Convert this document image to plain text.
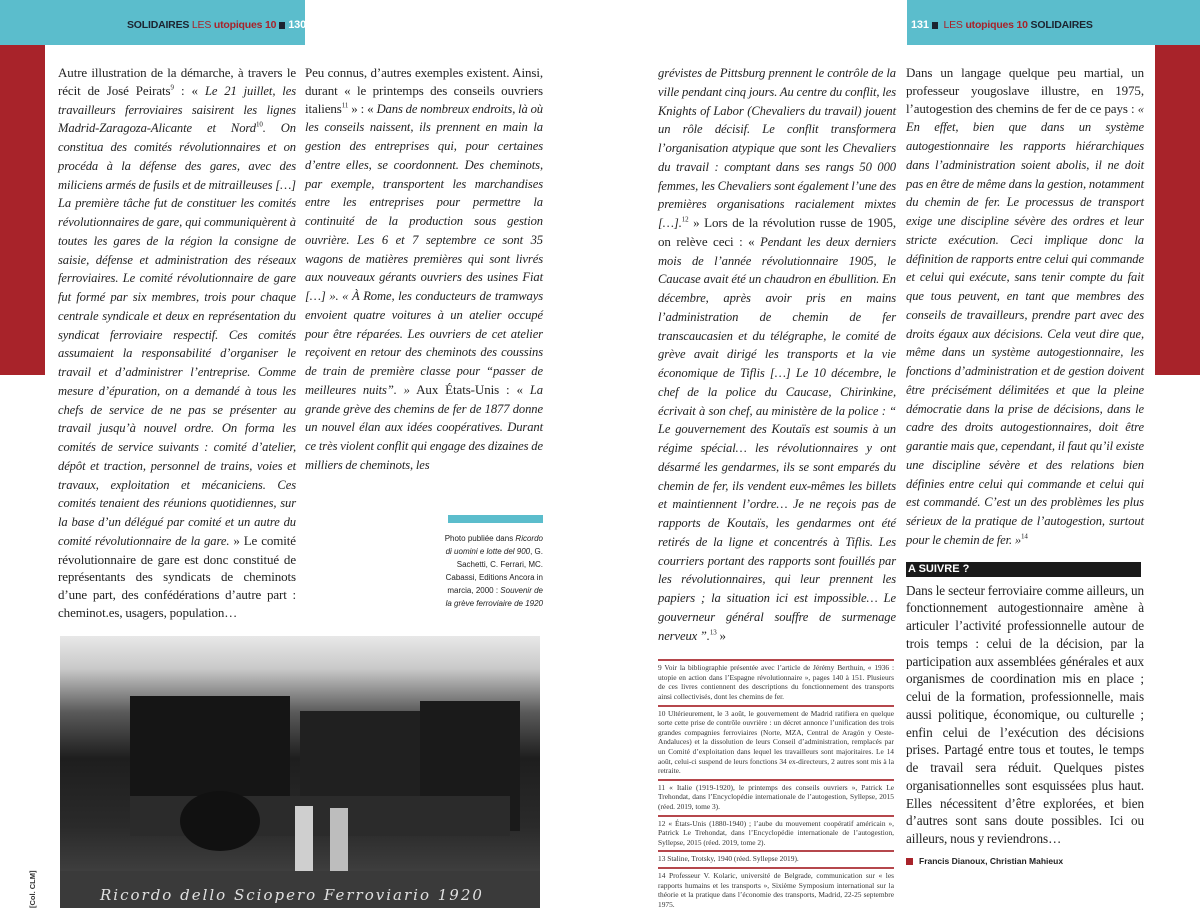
SOLIDAIRES LES utopiques 10 130	131 LES utopiques 10 SOLIDAIRES
Autre illustration de la démarche, à travers le récit de José Peirats$^9$ : « Le 21 juillet, les travailleurs ferroviaires saisirent les lignes Madrid-Zaragoza-Alicante et Nord$^{10}$. On constitua des comités révolutionnaires et on procéda à la défense des gares, avec des miliciens armés de fusils et de mitrailleuses […] La première tâche fut de constituer les comités révolutionnaires de gare, qui communiquèrent à toutes les gares de la région la consigne de saisie, défense et administration des réseaux ferroviaires. Le comité révolutionnaire de gare fut formé par six membres, trois pour chaque centrale syndicale et deux en représentation du syndicat ferroviaire respectif. Ces comités assumaient la responsabilité d’organiser le travail et d’administrer l’entreprise. Comme mesure d’épuration, on a demandé à tous les chefs de service de ne pas se présenter au travail jusqu’à nouvel ordre. On forma les comités de service suivants : comité d’atelier, dépôt et traction, personnel de trains, voies et travaux, exploitation et mécaniciens. Ces comités tenaient des réunions quotidiennes, sur la base d’un délégué par comité et un autre du comité révolutionnaire de la gare. » Le comité révolutionnaire de gare est donc constitué de représentants des syndicats de cheminots d’une part, des confédérations d’autre part : cheminot.es, usagers, population…
Peu connus, d’autres exemples existent. Ainsi, durant « le printemps des conseils ouvriers italiens$^{11}$ » : « Dans de nombreux endroits, là où les conseils naissent, ils prennent en main la gestion des entreprises qui, pour certaines d’entre elles, se coordonnent. Des cheminots, par exemple, transportent les marchandises entre les entreprises pour permettre la continuité de la production sous gestion ouvrière. Les 6 et 7 septembre ce sont 35 wagons de matières premières qui sont livrés aux nouveaux gérants ouvriers des usines Fiat […] ». « À Rome, les conducteurs de tramways envoient quatre voitures à un atelier occupé pour être réparées. Les ouvriers de cet atelier reçoivent en retour des cheminots des coussins de train de première classe pour “passer de meilleures nuits”. » Aux États-Unis : « La grande grève des chemins de fer de 1877 donne un nouvel élan aux idées coopératives. Durant ce très violent conflit qui engage des dizaines de milliers de cheminots, les
Photo publiée dans Ricordo di uomini e lotte del 900, G. Sachetti, C. Ferrari, MC. Cabassi, Editions Ancora in marcia, 2000 : Souvenir de la grève ferroviaire de 1920
Ricordo dello Sciopero Ferroviario 1920
[Col. CLM]
grévistes de Pittsburg prennent le contrôle de la ville pendant cinq jours. Au centre du conflit, les Knights of Labor (Chevaliers du travail) jouent un rôle décisif. Le conflit transformera l’organisation atypique que sont les Chevaliers du travail : comptant dans ses rangs 50 000 femmes, les Chevaliers sont également l’une des premières organisations racialement mixtes […].$^{12}$ » Lors de la révolution russe de 1905, on relève ceci : « Pendant les deux derniers mois de l’année révolutionnaire 1905, le Caucase avait été un chaudron en ébullition. En décembre, après avoir pris en mains l’administration de chemin de fer transcaucasien et du télégraphe, le comité de grève avait dirigé les transports et la vie économique de Tiflis […] Le 10 décembre, le chef de la police du Caucase, Chirinkine, écrivait à son chef, au ministère de la police : “ Le gouvernement des Koutaïs est soumis à un régime spécial… les révolutionnaires y ont désarmé les gendarmes, ils se sont emparés du chemin de fer, ils vendent eux-mêmes les billets et maintiennent l’ordre… Je ne reçois pas de rapports de Koutaïs, les gendarmes ont été retirés de la ligne et concentrés à Tiflis. Les courriers portant des rapports sont fouillés par les révolutionnaires, qui leur prennent les papiers ; la situation ici est impossible… Le gouverneur général souffre de surmenage nerveux ”.$^{13}$ »
9 Voir la bibliographie présentée avec l’article de Jérémy Berthuin, « 1936 : utopie en action dans l’Espagne révolutionnaire », pages 140 à 151. Plusieurs de ces livres contiennent des descriptions du fonctionnement des transports ainsi collectivisés, dont les chemins de fer.
10 Ultérieurement, le 3 août, le gouvernement de Madrid ratifiera en quelque sorte cette prise de contrôle ouvrière : un décret annonce l’unification des trois grandes compagnies ferroviaires (Norte, MZA, Central de Aragón y Oeste-Andaluces) et la dissolution de leurs Conseil d’administration, remplacés par un Comité d’exploitation dans lequel les travailleurs sont majoritaires. Le 14 août, celui-ci suspend de leurs fonctions 34 ex-directeurs, 2 autres sont mis à la retraite.
11 « Italie (1919-1920), le printemps des conseils ouvriers », Patrick Le Trehondat, dans l’Encyclopédie internationale de l’autogestion, Syllepse, 2015 (réed. 2019, tome 3).
12 « États-Unis (1880-1940) ; l’aube du mouvement coopératif américain », Patrick Le Trehondat, dans l’Encyclopédie internationale de l’autogestion, Syllepse, 2015 (réed. 2019, tome 2).
13 Staline, Trotsky, 1940 (réed. Syllepse 2019).
14 Professeur V. Kolaric, université de Belgrade, communication sur « les rapports humains et les transports », Sixième Symposium international sur la théorie et la pratique dans l’économie des transports, Madrid, 22-25 septembre 1975.
Dans un langage quelque peu martial, un professeur yougoslave illustre, en 1975, l’autogestion des chemins de fer de ce pays : « En effet, bien que dans un système autogestionnaire les rapports hiérarchiques dans l’administration soient abolis, il ne doit pas en être de même dans la gestion, notamment du chemin de fer. Le processus de transport exige une discipline sévère des ordres et leur stricte exécution. Ceci implique donc la définition de rapports entre celui qui commande et celui qui exécute, sans tenir compte du fait que tous peuvent, en tant que membres des conseils de travailleurs, prendre part avec des droits égaux aux décisions. Cela veut dire que, même dans un système autogestionnaire, les fonctions d’administration et de gestion doivent être précisément délimitées et que la pleine démocratie dans la prise de décisions, dans le cadre des droits autogestionnaires, doit être garantie mais que, cependant, il faut qu’il existe une discipline sévère et des relations bien définies entre celui qui commande et celui qui est commandé. C’est un des problèmes les plus sérieux de la pratique de l’autogestion, surtout pour le chemin de fer. »$^{14}$
A SUIVRE ?
Dans le secteur ferroviaire comme ailleurs, un fonctionnement autogestionnaire amène à articuler l’activité professionnelle autour de trois temps : celui de la décision, par la participation aux assemblées générales et aux organismes de coordination mis en place ; celui de la formation, professionnelle, mais aussi politique, économique, ou culturelle ; enfin celui de l’exécution des décisions prises. Partagé entre tous et toutes, le temps de travail sera réduit. Quelques pistes organisationnelles sont esquissées plus haut. Elles nécessitent d’être explorées, et bien d’autres sont sans doute possibles. Ici ou ailleurs, nous y reviendrons…
Francis Dianoux, Christian Mahieux
